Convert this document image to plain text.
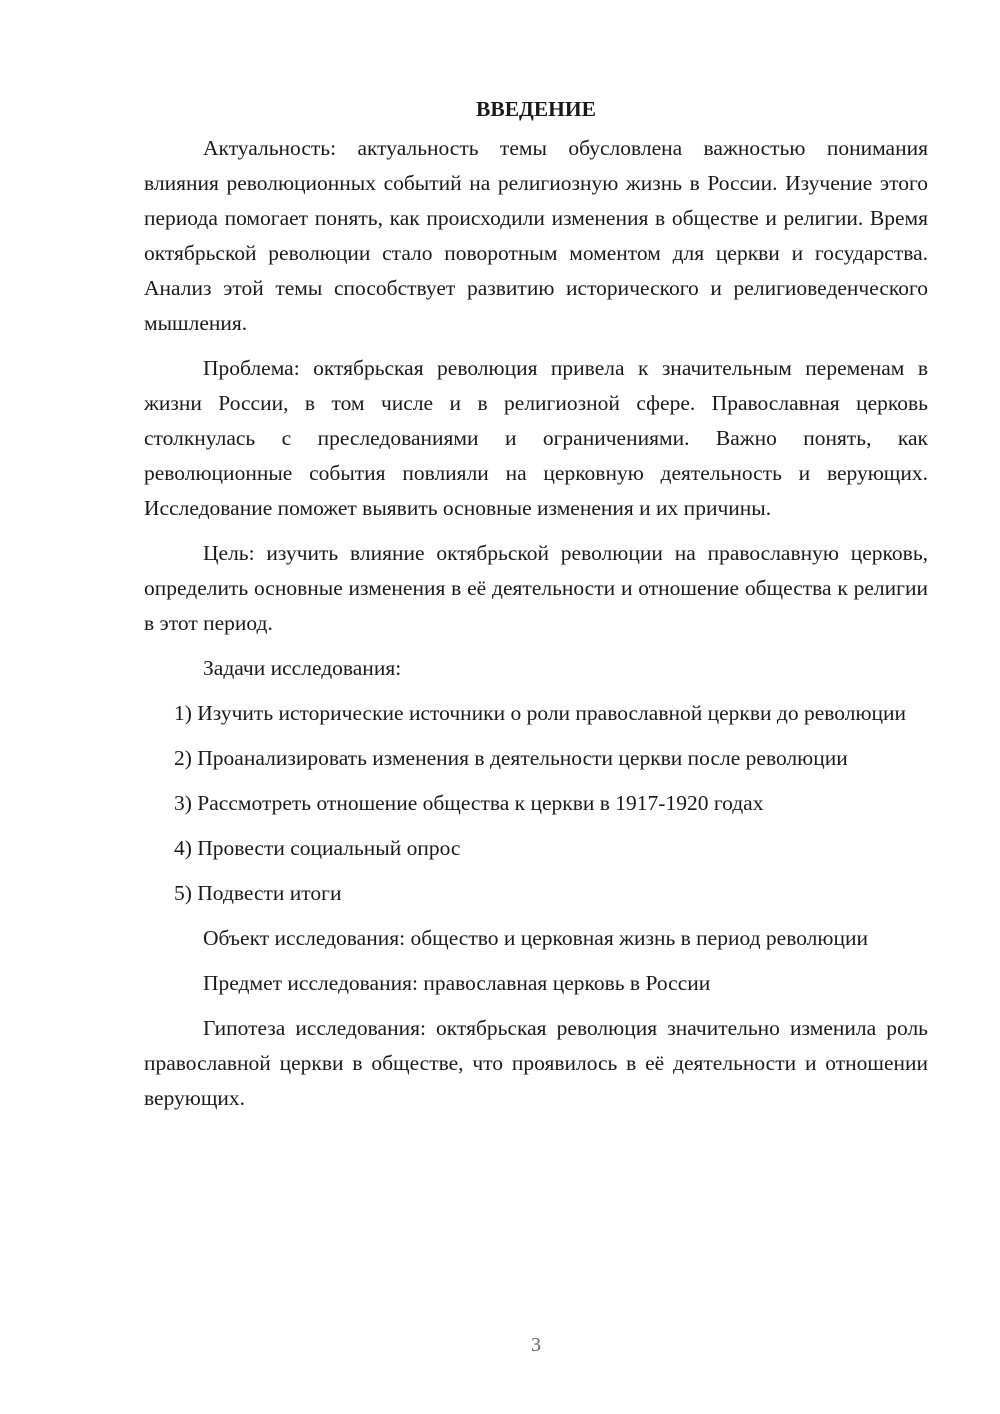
ВВЕДЕНИЕ

Актуальность: актуальность темы обусловлена важностью понимания влияния революционных событий на религиозную жизнь в России. Изучение этого периода помогает понять, как происходили изменения в обществе и религии. Время октябрьской революции стало поворотным моментом для церкви и государства. Анализ этой темы способствует развитию исторического и религиоведенческого мышления.

Проблема: октябрьская революция привела к значительным переменам в жизни России, в том числе и в религиозной сфере. Православная церковь столкнулась с преследованиями и ограничениями. Важно понять, как революционные события повлияли на церковную деятельность и верующих. Исследование поможет выявить основные изменения и их причины.

Цель: изучить влияние октябрьской революции на православную церковь, определить основные изменения в её деятельности и отношение общества к религии в этот период.

Задачи исследования:

1) Изучить исторические источники о роли православной церкви до революции

2) Проанализировать изменения в деятельности церкви после революции

3) Рассмотреть отношение общества к церкви в 1917-1920 годах

4) Провести социальный опрос

5) Подвести итоги

Объект исследования: общество и церковная жизнь в период революции

Предмет исследования: православная церковь в России

Гипотеза исследования: октябрьская революция значительно изменила роль православной церкви в обществе, что проявилось в её деятельности и отношении верующих.

3
